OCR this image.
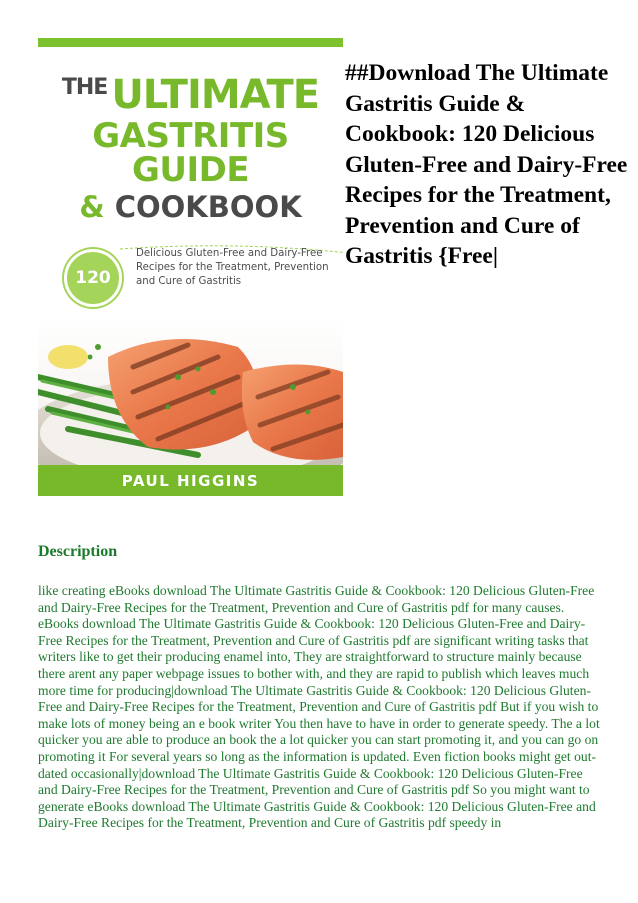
$^{THE}$ ULTIMATE
GASTRITIS GUIDE
& COOKBOOK
120
Delicious Gluten-Free and Dairy-Free Recipes for the Treatment, Prevention and Cure of Gastritis
PAUL HIGGINS
##Download The Ultimate Gastritis Guide & Cookbook: 120 Delicious Gluten-Free and Dairy-Free Recipes for the Treatment, Prevention and Cure of Gastritis {Free|
Description

like creating eBooks download The Ultimate Gastritis Guide & Cookbook: 120 Delicious Gluten-Free and Dairy-Free Recipes for the Treatment, Prevention and Cure of Gastritis pdf for many causes. eBooks download The Ultimate Gastritis Guide & Cookbook: 120 Delicious Gluten-Free and Dairy-Free Recipes for the Treatment, Prevention and Cure of Gastritis pdf are significant writing tasks that writers like to get their producing enamel into, They are straightforward to structure mainly because there arent any paper webpage issues to bother with, and they are rapid to publish which leaves much more time for producing|download The Ultimate Gastritis Guide & Cookbook: 120 Delicious Gluten-Free and Dairy-Free Recipes for the Treatment, Prevention and Cure of Gastritis pdf But if you wish to make lots of money being an e book writer You then have to have in order to generate speedy. The a lot quicker you are able to produce an book the a lot quicker you can start promoting it, and you can go on promoting it For several years so long as the information is updated. Even fiction books might get out-dated occasionally|download The Ultimate Gastritis Guide & Cookbook: 120 Delicious Gluten-Free and Dairy-Free Recipes for the Treatment, Prevention and Cure of Gastritis pdf So you might want to generate eBooks download The Ultimate Gastritis Guide & Cookbook: 120 Delicious Gluten-Free and Dairy-Free Recipes for the Treatment, Prevention and Cure of Gastritis pdf speedy in
